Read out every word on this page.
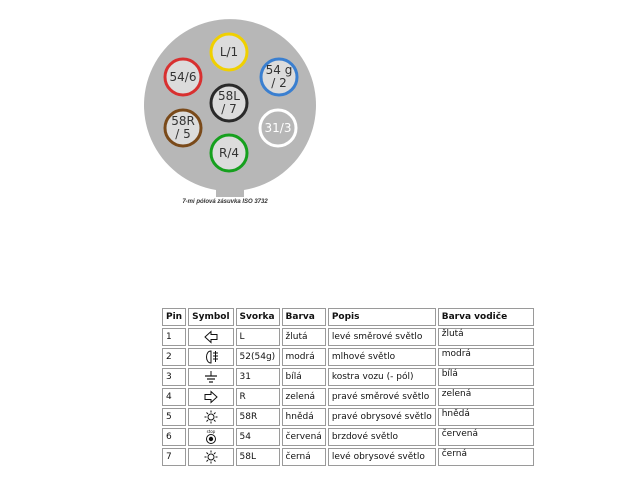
L/1
54 g
/ 2
31/3
R/4
58R
/ 5
54/6
58L
/ 7
7-mi pólová zásuvka ISO 3732
Pin	Symbol	Svorka	Barva	Popis	Barva vodiče
1		L	žlutá	levé směrové světlo	žlutá
2		52(54g)	modrá	mlhové světlo	modrá
3		31	bílá	kostra vozu (- pól)	bílá
4		R	zelená	pravé směrové světlo	zelená
5		58R	hnědá	pravé obrysové světlo	hnědá
6	stop	54	červená	brzdové světlo	červená
7		58L	černá	levé obrysové světlo	černá
